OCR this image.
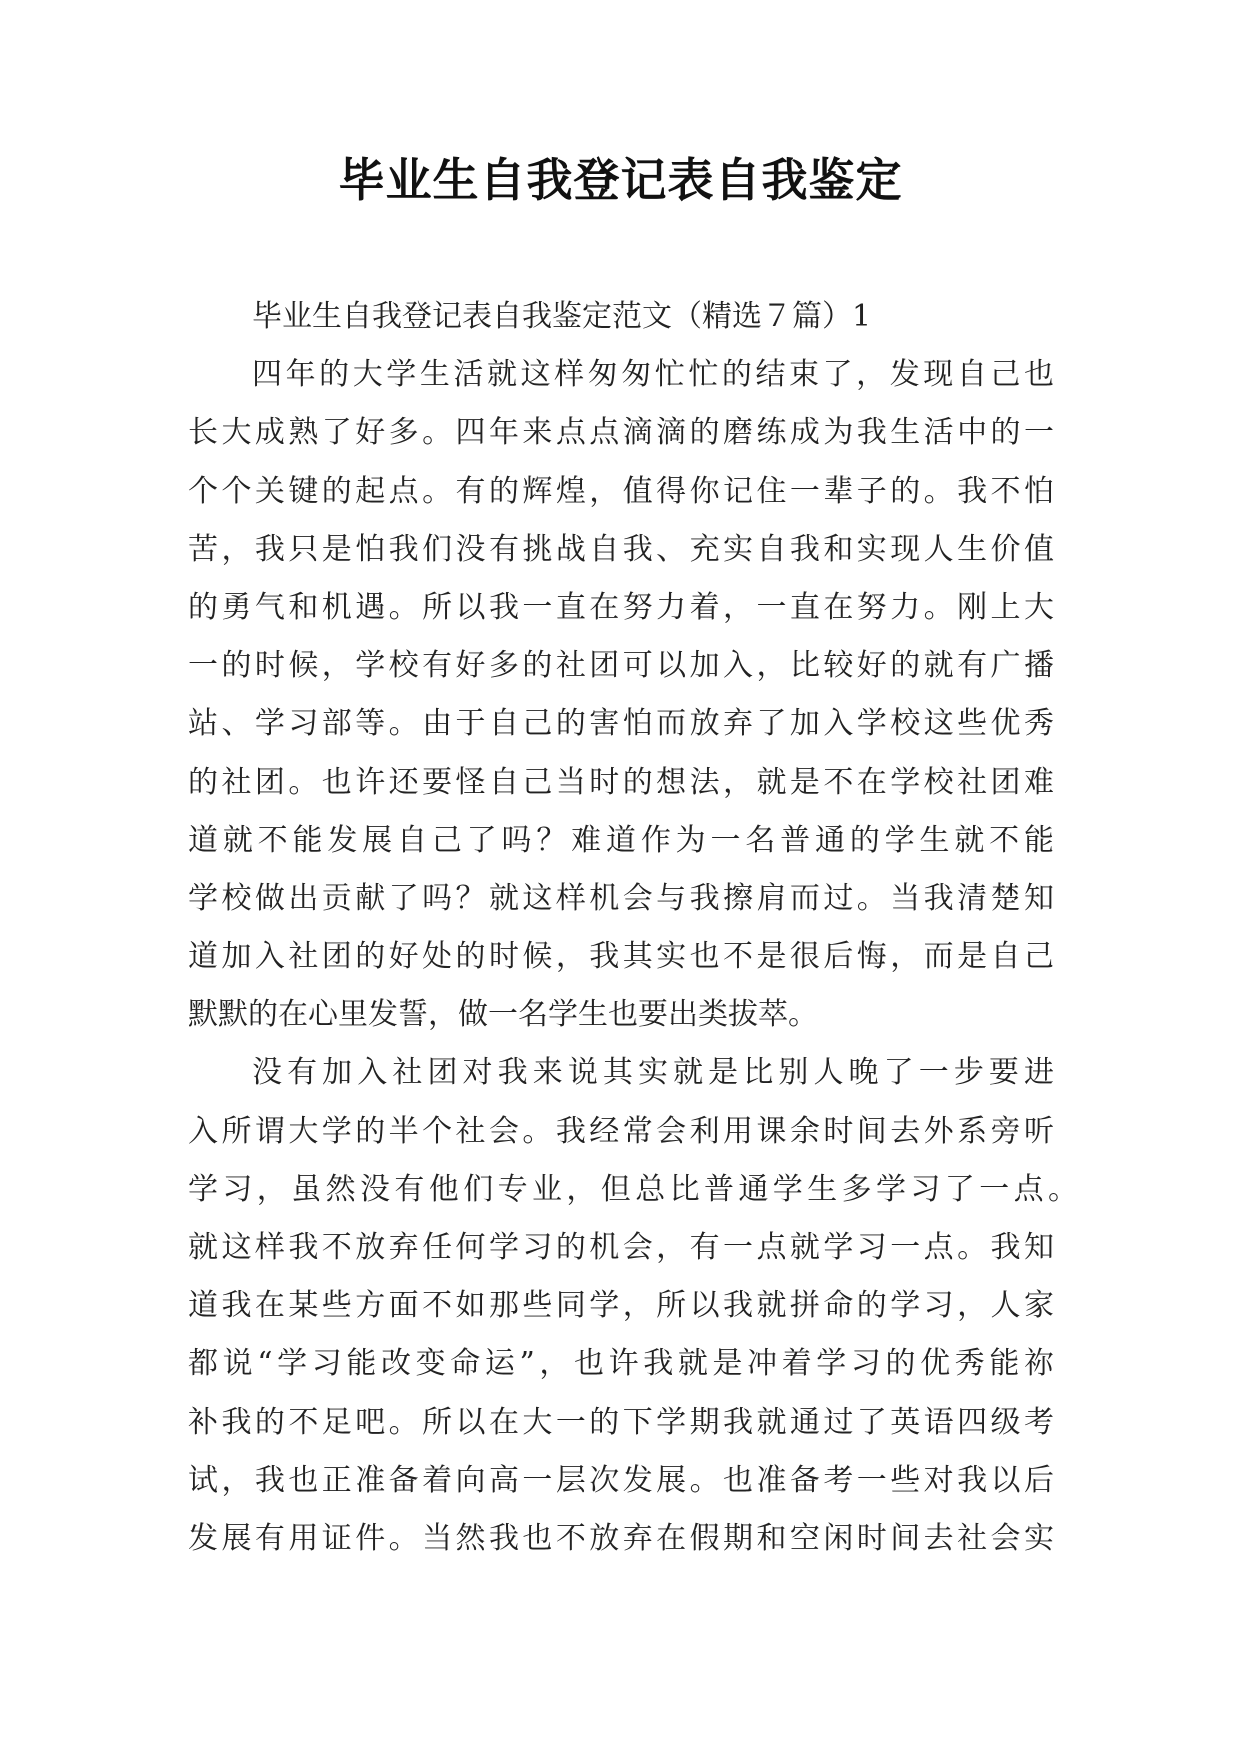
毕业生自我登记表自我鉴定
毕业生自我登记表自我鉴定范文（精选７篇）1
四年的大学生活就这样匆匆忙忙的结束了，发现自己也
长大成熟了好多。四年来点点滴滴的磨练成为我生活中的一
个个关键的起点。有的辉煌，值得你记住一辈子的。我不怕
苦，我只是怕我们没有挑战自我、充实自我和实现人生价值
的勇气和机遇。所以我一直在努力着，一直在努力。刚上大
一的时候，学校有好多的社团可以加入，比较好的就有广播
站、学习部等。由于自己的害怕而放弃了加入学校这些优秀
的社团。也许还要怪自己当时的想法，就是不在学校社团难
道就不能发展自己了吗？难道作为一名普通的学生就不能
学校做出贡献了吗？就这样机会与我擦肩而过。当我清楚知
道加入社团的好处的时候，我其实也不是很后悔，而是自己
默默的在心里发誓，做一名学生也要出类拔萃。
没有加入社团对我来说其实就是比别人晚了一步要进
入所谓大学的半个社会。我经常会利用课余时间去外系旁听
学习，虽然没有他们专业，但总比普通学生多学习了一点。
就这样我不放弃任何学习的机会，有一点就学习一点。我知
道我在某些方面不如那些同学，所以我就拼命的学习，人家
都说“学习能改变命运”，也许我就是冲着学习的优秀能祢
补我的不足吧。所以在大一的下学期我就通过了英语四级考
试，我也正准备着向高一层次发展。也准备考一些对我以后
发展有用证件。当然我也不放弃在假期和空闲时间去社会实
